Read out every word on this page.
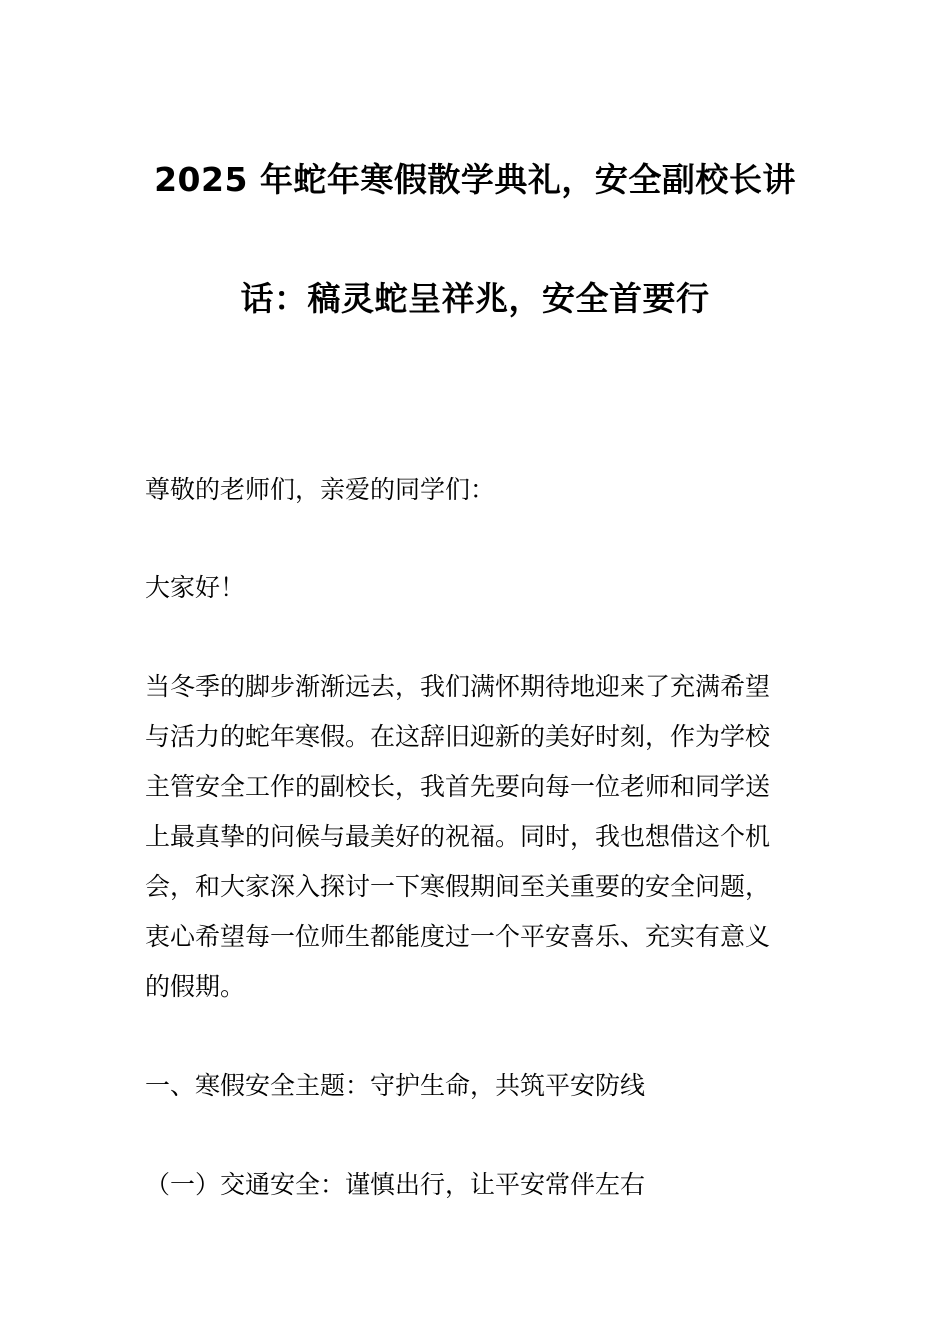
2025 年蛇年寒假散学典礼，安全副校长讲
话：稿灵蛇呈祥兆，安全首要行
尊敬的老师们，亲爱的同学们：
大家好！
当冬季的脚步渐渐远去，我们满怀期待地迎来了充满希望
与活力的蛇年寒假。在这辞旧迎新的美好时刻，作为学校
主管安全工作的副校长，我首先要向每一位老师和同学送
上最真挚的问候与最美好的祝福。同时，我也想借这个机
会，和大家深入探讨一下寒假期间至关重要的安全问题，
衷心希望每一位师生都能度过一个平安喜乐、充实有意义
的假期。
一、寒假安全主题：守护生命，共筑平安防线
（一）交通安全：谨慎出行，让平安常伴左右
